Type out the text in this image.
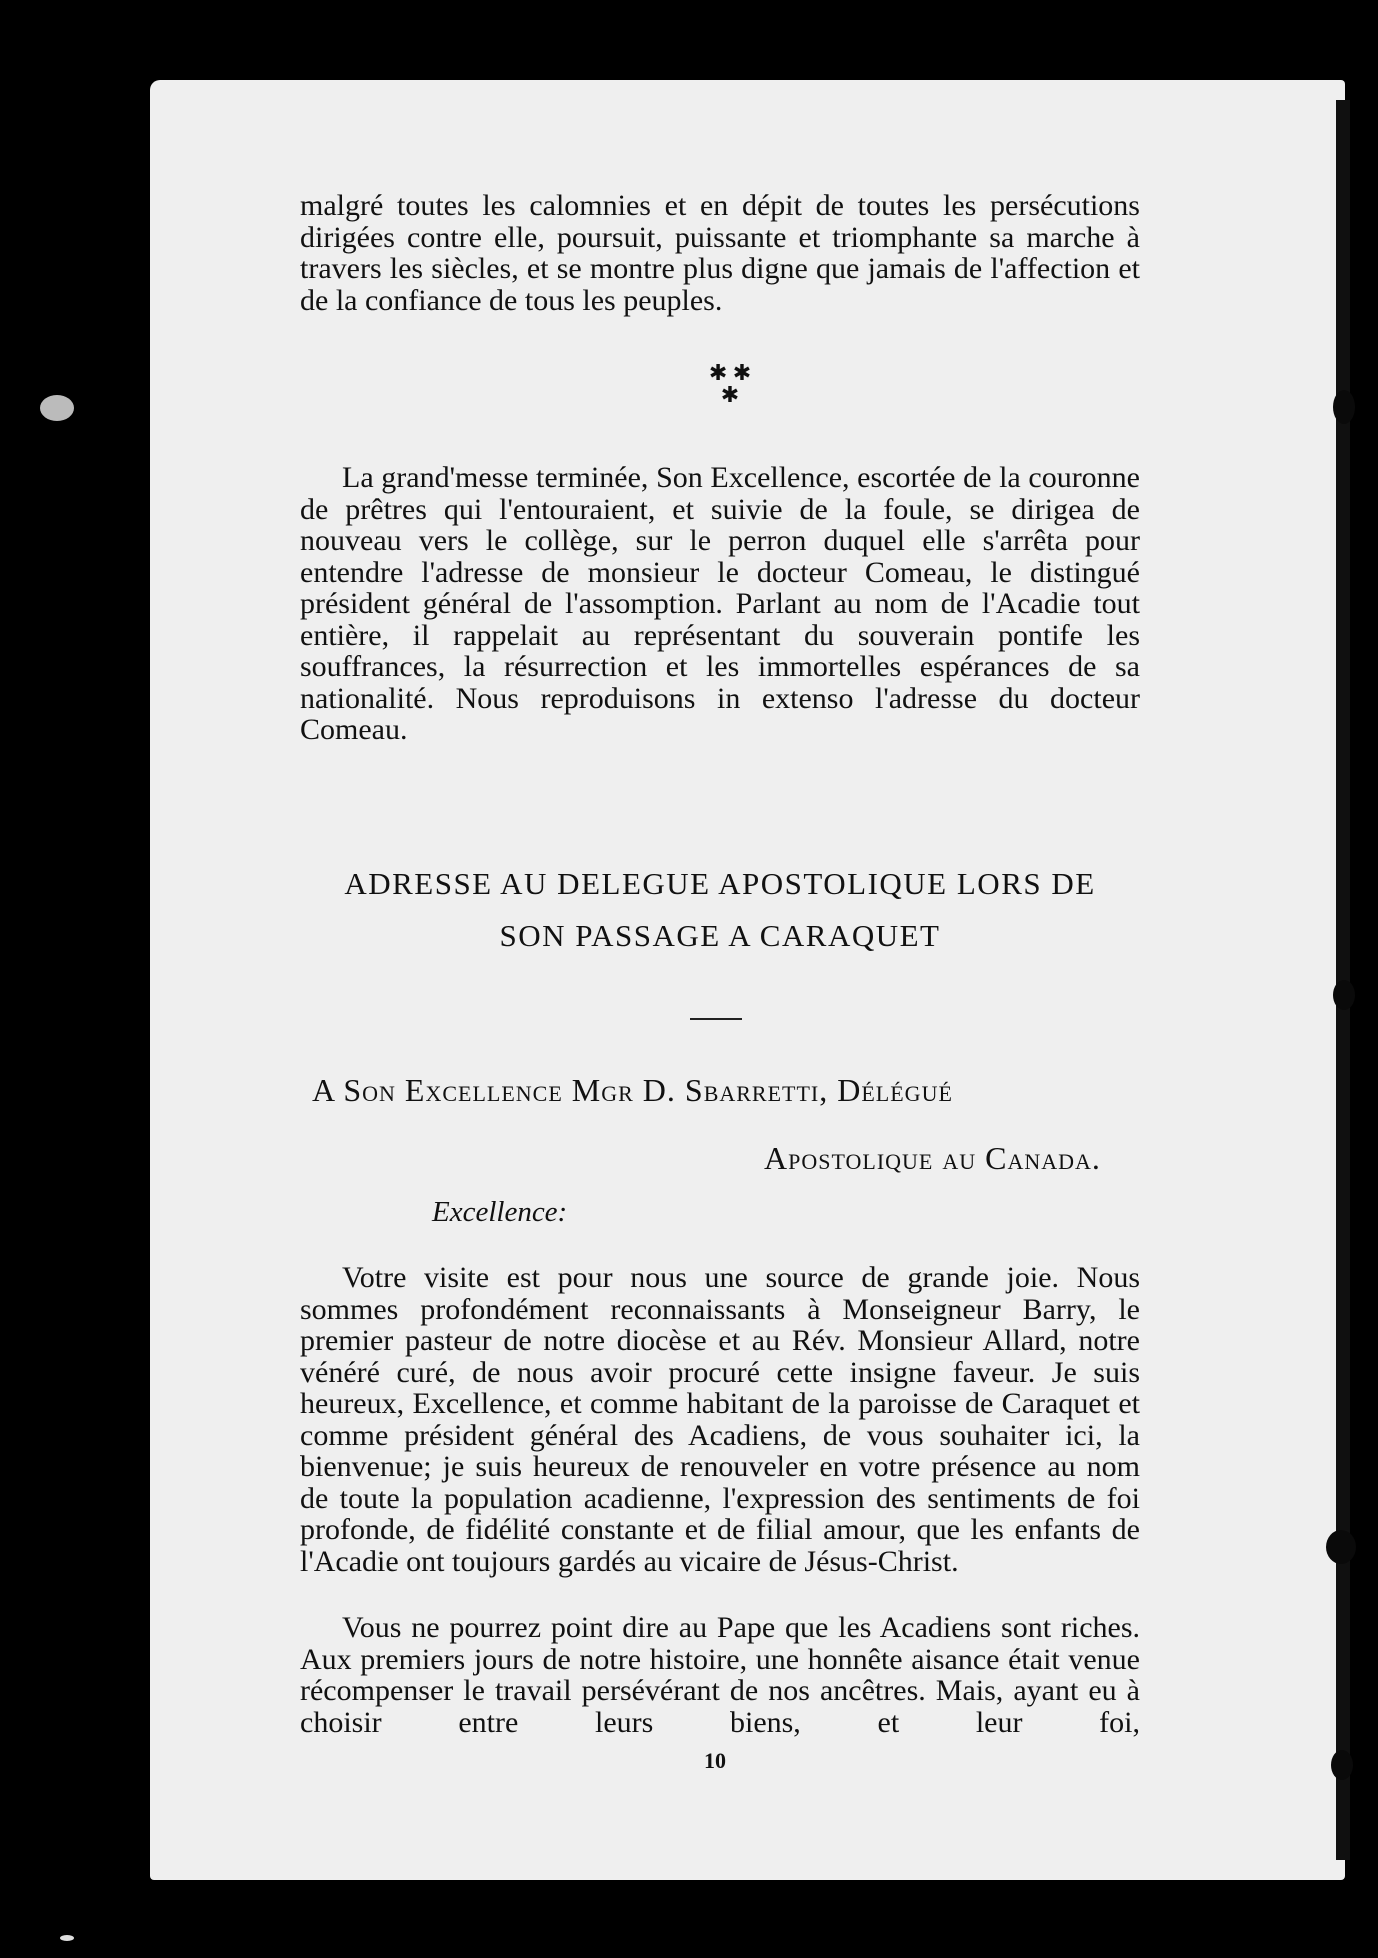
malgré toutes les calomnies et en dépit de toutes les persécutions dirigées contre elle, poursuit, puissante et triomphante sa marche à travers les siècles, et se montre plus digne que jamais de l'affection et de la confiance de tous les peuples.

✱ ✱
✱

La grand'messe terminée, Son Excellence, escortée de la couronne de prêtres qui l'entouraient, et suivie de la foule, se dirigea de nouveau vers le collège, sur le perron duquel elle s'arrêta pour entendre l'adresse de monsieur le docteur Comeau, le distingué président général de l'assomption. Parlant au nom de l'Acadie tout entière, il rappelait au représentant du souverain pontife les souffrances, la résurrection et les immortelles espérances de sa nationalité. Nous reproduisons in extenso l'adresse du docteur Comeau.

ADRESSE AU DELEGUE APOSTOLIQUE LORS DE
SON PASSAGE A CARAQUET
A Son Excellence Mgr D. Sbarretti, Délégué
Apostolique au Canada.
Excellence:

Votre visite est pour nous une source de grande joie. Nous sommes profondément reconnaissants à Monseigneur Barry, le premier pasteur de notre diocèse et au Rév. Monsieur Allard, notre vénéré curé, de nous avoir procuré cette insigne faveur. Je suis heureux, Excellence, et comme habitant de la paroisse de Caraquet et comme président général des Acadiens, de vous souhaiter ici, la bienvenue; je suis heureux de renouveler en votre présence au nom de toute la population acadienne, l'expression des sentiments de foi profonde, de fidélité constante et de filial amour, que les enfants de l'Acadie ont toujours gardés au vicaire de Jésus-Christ.

Vous ne pourrez point dire au Pape que les Acadiens sont riches. Aux premiers jours de notre histoire, une honnête aisance était venue récompenser le travail persévérant de nos ancêtres. Mais, ayant eu à choisir entre leurs biens, et leur foi,

10
